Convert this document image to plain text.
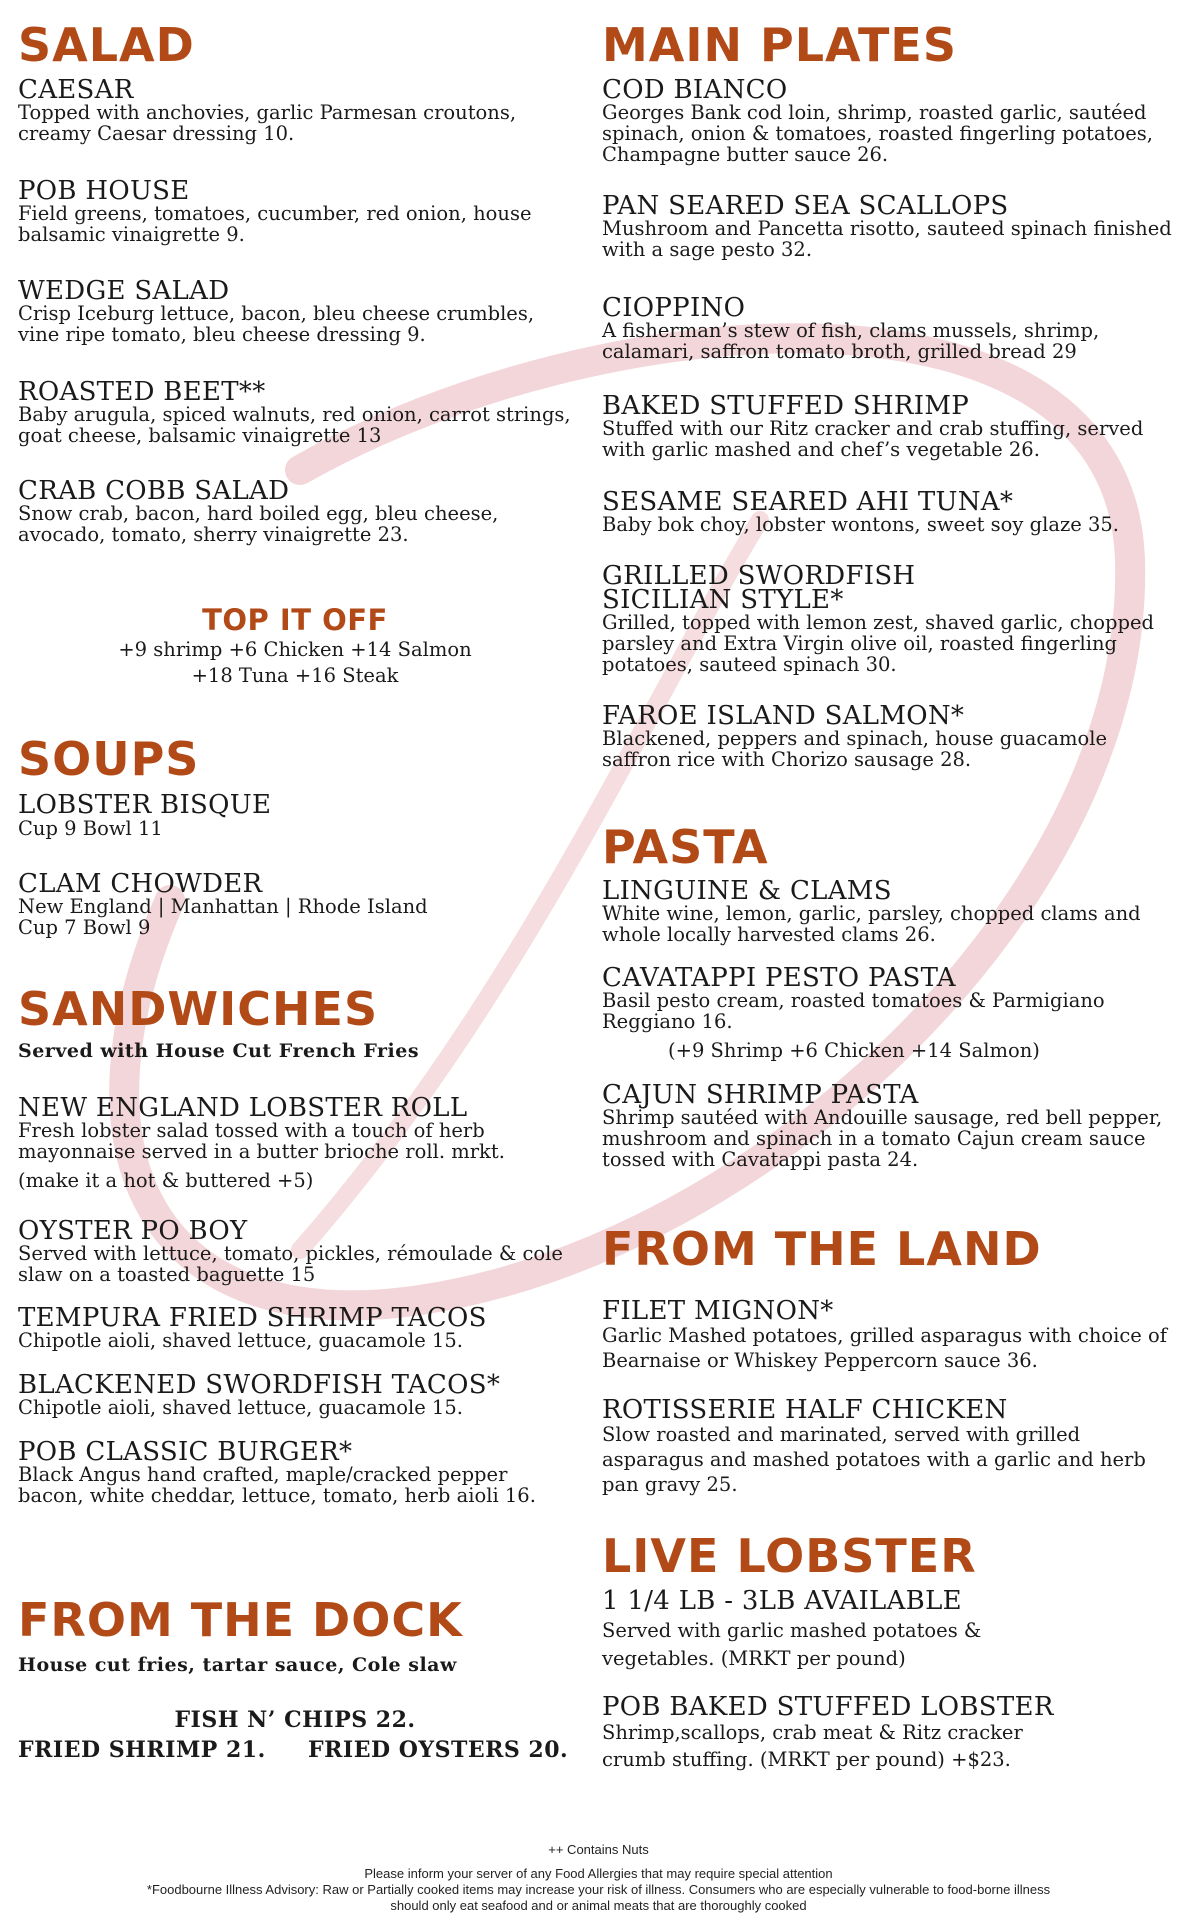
SALAD

CAESAR

Topped with anchovies, garlic Parmesan croutons, creamy Caesar dressing 10.

POB HOUSE

Field greens, tomatoes, cucumber, red onion, house balsamic vinaigrette 9.

WEDGE SALAD

Crisp Iceburg lettuce, bacon, bleu cheese crumbles, vine ripe tomato, bleu cheese dressing 9.

ROASTED BEET**

Baby arugula, spiced walnuts, red onion, carrot strings, goat cheese, balsamic vinaigrette 13

CRAB COBB SALAD

Snow crab, bacon, hard boiled egg, bleu cheese, avocado, tomato, sherry vinaigrette 23.

TOP IT OFF
+9 shrimp +6 Chicken +14 Salmon
+18 Tuna +16 Steak
SOUPS

LOBSTER BISQUE

Cup 9 Bowl 11

CLAM CHOWDER

New England | Manhattan | Rhode Island

Cup 7 Bowl 9

SANDWICHES
Served with House Cut French Fries

NEW ENGLAND LOBSTER ROLL

Fresh lobster salad tossed with a touch of herb mayonnaise served in a butter brioche roll. mrkt.

(make it a hot & buttered +5)

OYSTER PO BOY

Served with lettuce, tomato, pickles, rémoulade & cole slaw on a toasted baguette 15

TEMPURA FRIED SHRIMP TACOS

Chipotle aioli, shaved lettuce, guacamole 15.

BLACKENED SWORDFISH TACOS*

Chipotle aioli, shaved lettuce, guacamole 15.

POB CLASSIC BURGER*

Black Angus hand crafted, maple/cracked pepper bacon, white cheddar, lettuce, tomato, herb aioli 16.

FROM THE DOCK
House cut fries, tartar sauce, Cole slaw
FISH N’ CHIPS 22.
FRIED SHRIMP 21. FRIED OYSTERS 20.
MAIN PLATES

COD BIANCO

Georges Bank cod loin, shrimp, roasted garlic, sautéed spinach, onion & tomatoes, roasted fingerling potatoes, Champagne butter sauce 26.

PAN SEARED SEA SCALLOPS

Mushroom and Pancetta risotto, sauteed spinach finished with a sage pesto 32.

CIOPPINO

A fisherman’s stew of fish, clams mussels, shrimp, calamari, saffron tomato broth, grilled bread 29

BAKED STUFFED SHRIMP

Stuffed with our Ritz cracker and crab stuffing, served with garlic mashed and chef’s vegetable 26.

SESAME SEARED AHI TUNA*

Baby bok choy, lobster wontons, sweet soy glaze 35.

GRILLED SWORDFISH

SICILIAN STYLE*

Grilled, topped with lemon zest, shaved garlic, chopped parsley and Extra Virgin olive oil, roasted fingerling potatoes, sauteed spinach 30.

FAROE ISLAND SALMON*

Blackened, peppers and spinach, house guacamole saffron rice with Chorizo sausage 28.

PASTA

LINGUINE & CLAMS

White wine, lemon, garlic, parsley, chopped clams and whole locally harvested clams 26.

CAVATAPPI PESTO PASTA

Basil pesto cream, roasted tomatoes & Parmigiano Reggiano 16.

(+9 Shrimp +6 Chicken +14 Salmon)

CAJUN SHRIMP PASTA

Shrimp sautéed with Andouille sausage, red bell pepper, mushroom and spinach in a tomato Cajun cream sauce tossed with Cavatappi pasta 24.

FROM THE LAND

FILET MIGNON*

Garlic Mashed potatoes, grilled asparagus with choice of Bearnaise or Whiskey Peppercorn sauce 36.

ROTISSERIE HALF CHICKEN

Slow roasted and marinated, served with grilled asparagus and mashed potatoes with a garlic and herb pan gravy 25.

LIVE LOBSTER

1 1/4 LB - 3LB AVAILABLE

Served with garlic mashed potatoes & vegetables. (MRKT per pound)

POB BAKED STUFFED LOBSTER

Shrimp,scallops, crab meat & Ritz cracker crumb stuffing. (MRKT per pound) +$23.

++ Contains Nuts
Please inform your server of any Food Allergies that may require special attention
*Foodbourne Illness Advisory: Raw or Partially cooked items may increase your risk of illness. Consumers who are especially vulnerable to food-borne illness
should only eat seafood and or animal meats that are thoroughly cooked
